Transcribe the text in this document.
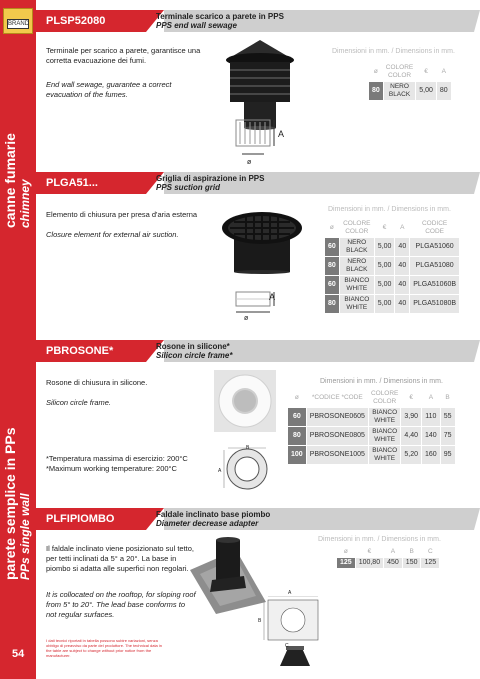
BRAND
canne fumarie chimney
parete semplice in PPs PPs single wall
54
PLSP52080	Terminale scarico a parete in PPS
PPS end wall sewage
Terminale per scarico a parete, garantisce una corretta evacuazione dei fumi.
End wall sewage, guarantee a correct evacuation of the fumes.
A
ø
Dimensioni in mm. / Dimensions in mm.
ø	COLORE COLOR	€	A
80	NERO BLACK	5,00	80
PLGA51...	Griglia di aspirazione in PPS
PPS suction grid
Elemento di chiusura per presa d'aria esterna
Closure element for external air suction.
A
ø
Dimensioni in mm. / Dimensions in mm.
ø	COLORE COLOR	€	A	CODICE CODE
60	NERO BLACK	5,00	40	PLGA51060
80	NERO BLACK	5,00	40	PLGA51080
60	BIANCO WHITE	5,00	40	PLGA51060B
80	BIANCO WHITE	5,00	40	PLGA51080B
PBROSONE*	Rosone in silicone*
Silicon circle frame*
Rosone di chiusura in silicone.
Silicon circle frame.
*Temperatura massima di esercizio: 200°C
*Maximum working temperature: 200°C
B
A
Dimensioni in mm. / Dimensions in mm.
ø	*CODICE *CODE	COLORE COLOR	€	A	B
60	PBROSONE0605	BIANCO WHITE	3,90	110	55
80	PBROSONE0805	BIANCO WHITE	4,40	140	75
100	PBROSONE1005	BIANCO WHITE	5,20	160	95
PLFIPIOMBO	Faldale inclinato base piombo
Diameter decrease adapter
Il faldale inclinato viene posizionato sul tetto, per tetti inclinati da 5° a 20°. La base in piombo si adatta alle superfici non regolari.
It is collocated on the rooftop, for sloping roof from 5° to 20°. The lead base conforms to not regular surfaces.
I dati tecnici riportati in tabella possono subire variazioni, senza obbligo di preavviso da parte del produttore. The technical data in the table are subject to change without prior notice from the manufacturer.
A
B
C
Dimensioni in mm. / Dimensions in mm.
ø	€	A	B	C
125	100,80	450	150	125
